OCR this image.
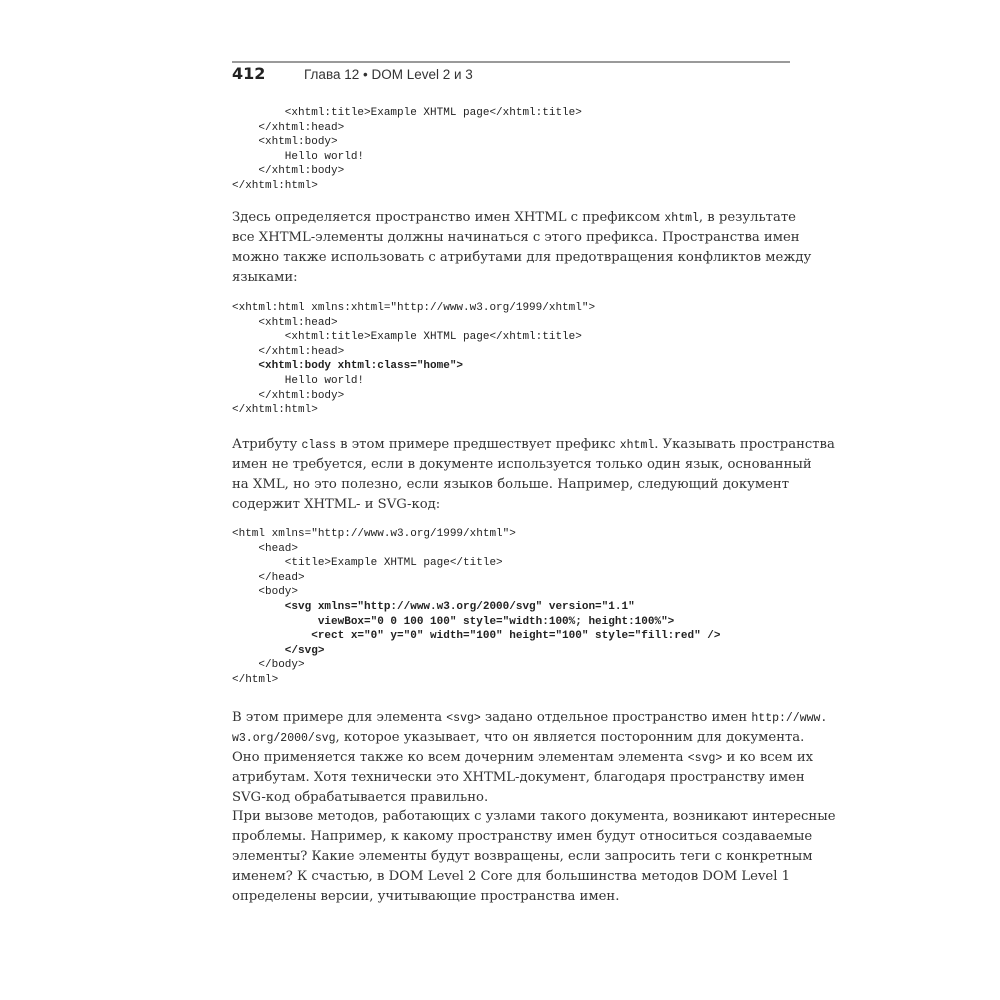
412	Глава 12 • DOM Level 2 и 3
<xhtml:title>Example XHTML page</xhtml:title>
</xhtml:head>
<xhtml:body>
Hello world!
</xhtml:body>
</xhtml:html>
Здесь определяется пространство имен XHTML с префиксом xhtml, в результате
все XHTML-элементы должны начинаться с этого префикса. Пространства имен
можно также использовать с атрибутами для предотвращения конфликтов между
языками:
<xhtml:html xmlns:xhtml="http://www.w3.org/1999/xhtml">
<xhtml:head>
<xhtml:title>Example XHTML page</xhtml:title>
</xhtml:head>
<xhtml:body xhtml:class="home">
Hello world!
</xhtml:body>
</xhtml:html>
Атрибуту class в этом примере предшествует префикс xhtml. Указывать пространства
имен не требуется, если в документе используется только один язык, основанный
на XML, но это полезно, если языков больше. Например, следующий документ
содержит XHTML- и SVG-код:
<html xmlns="http://www.w3.org/1999/xhtml">
<head>
<title>Example XHTML page</title>
</head>
<body>
<svg xmlns="http://www.w3.org/2000/svg" version="1.1"
viewBox="0 0 100 100" style="width:100%; height:100%">
<rect x="0" y="0" width="100" height="100" style="fill:red" />
</svg>
</body>
</html>
В этом примере для элемента <svg> задано отдельное пространство имен http://www.
w3.org/2000/svg, которое указывает, что он является посторонним для документа.
Оно применяется также ко всем дочерним элементам элемента <svg> и ко всем их
атрибутам. Хотя технически это XHTML-документ, благодаря пространству имен
SVG-код обрабатывается правильно.
При вызове методов, работающих с узлами такого документа, возникают интересные
проблемы. Например, к какому пространству имен будут относиться создаваемые
элементы? Какие элементы будут возвращены, если запросить теги с конкретным
именем? К счастью, в DOM Level 2 Core для большинства методов DOM Level 1
определены версии, учитывающие пространства имен.
